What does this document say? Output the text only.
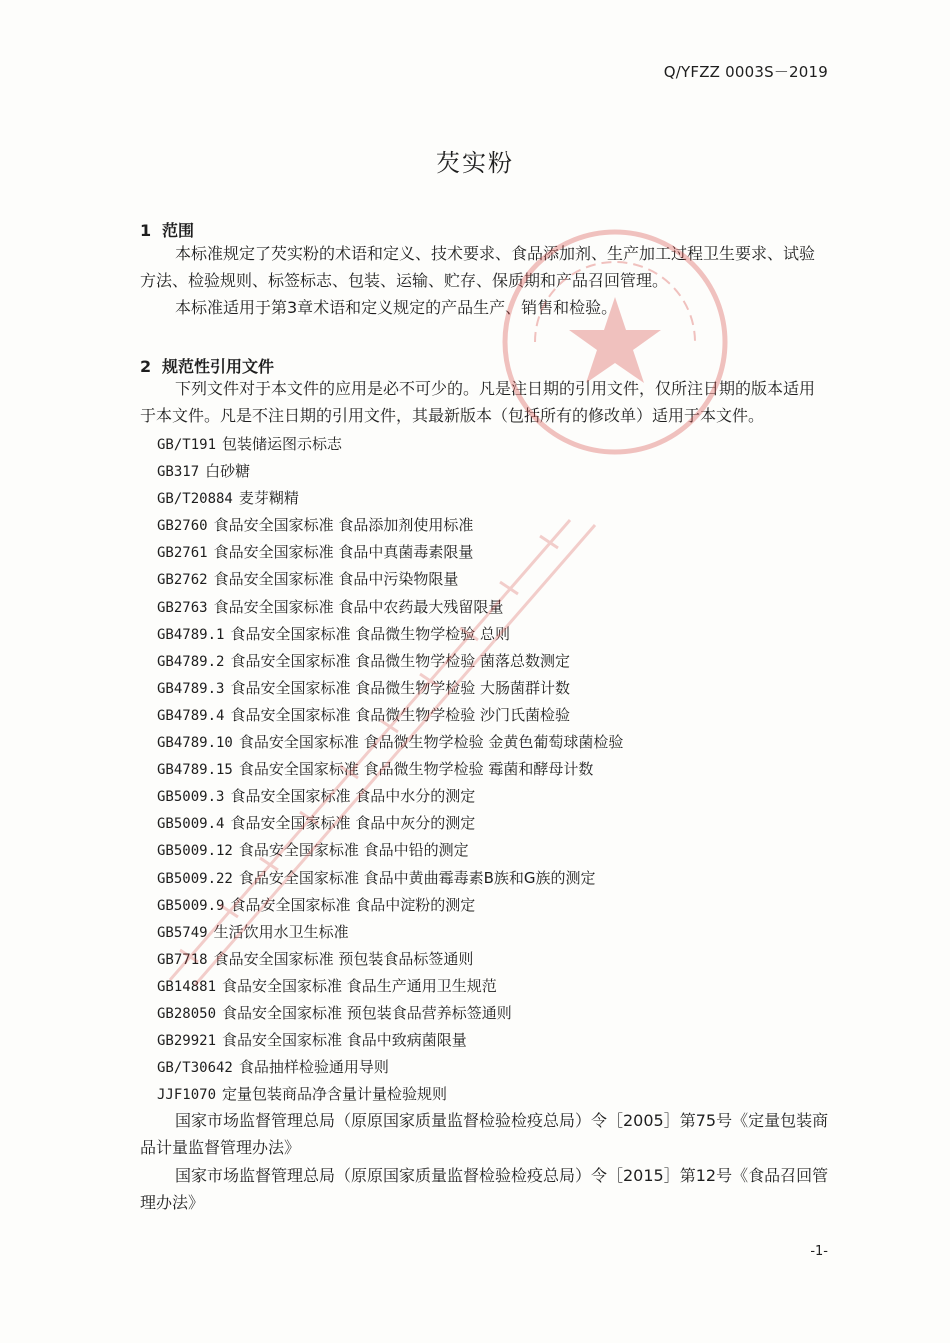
Q/YFZZ 0003S－2019
芡实粉
1 范围

本标准规定了芡实粉的术语和定义、技术要求、食品添加剂、生产加工过程卫生要求、试验方法、检验规则、标签标志、包装、运输、贮存、保质期和产品召回管理。

本标准适用于第3章术语和定义规定的产品生产、销售和检验。

2 规范性引用文件

下列文件对于本文件的应用是必不可少的。凡是注日期的引用文件，仅所注日期的版本适用于本文件。凡是不注日期的引用文件，其最新版本（包括所有的修改单）适用于本文件。

GB/T191 包装储运图示标志
GB317 白砂糖
GB/T20884 麦芽糊精
GB2760 食品安全国家标准 食品添加剂使用标准
GB2761 食品安全国家标准 食品中真菌毒素限量
GB2762 食品安全国家标准 食品中污染物限量
GB2763 食品安全国家标准 食品中农药最大残留限量
GB4789.1 食品安全国家标准 食品微生物学检验 总则
GB4789.2 食品安全国家标准 食品微生物学检验 菌落总数测定
GB4789.3 食品安全国家标准 食品微生物学检验 大肠菌群计数
GB4789.4 食品安全国家标准 食品微生物学检验 沙门氏菌检验
GB4789.10 食品安全国家标准 食品微生物学检验 金黄色葡萄球菌检验
GB4789.15 食品安全国家标准 食品微生物学检验 霉菌和酵母计数
GB5009.3 食品安全国家标准 食品中水分的测定
GB5009.4 食品安全国家标准 食品中灰分的测定
GB5009.12 食品安全国家标准 食品中铅的测定
GB5009.22 食品安全国家标准 食品中黄曲霉毒素B族和G族的测定
GB5009.9 食品安全国家标准 食品中淀粉的测定
GB5749 生活饮用水卫生标准
GB7718 食品安全国家标准 预包装食品标签通则
GB14881 食品安全国家标准 食品生产通用卫生规范
GB28050 食品安全国家标准 预包装食品营养标签通则
GB29921 食品安全国家标准 食品中致病菌限量
GB/T30642 食品抽样检验通用导则
JJF1070 定量包装商品净含量计量检验规则

国家市场监督管理总局（原原国家质量监督检验检疫总局）令［2005］第75号《定量包装商品计量监督管理办法》

国家市场监督管理总局（原原国家质量监督检验检疫总局）令［2015］第12号《食品召回管理办法》

-1-
